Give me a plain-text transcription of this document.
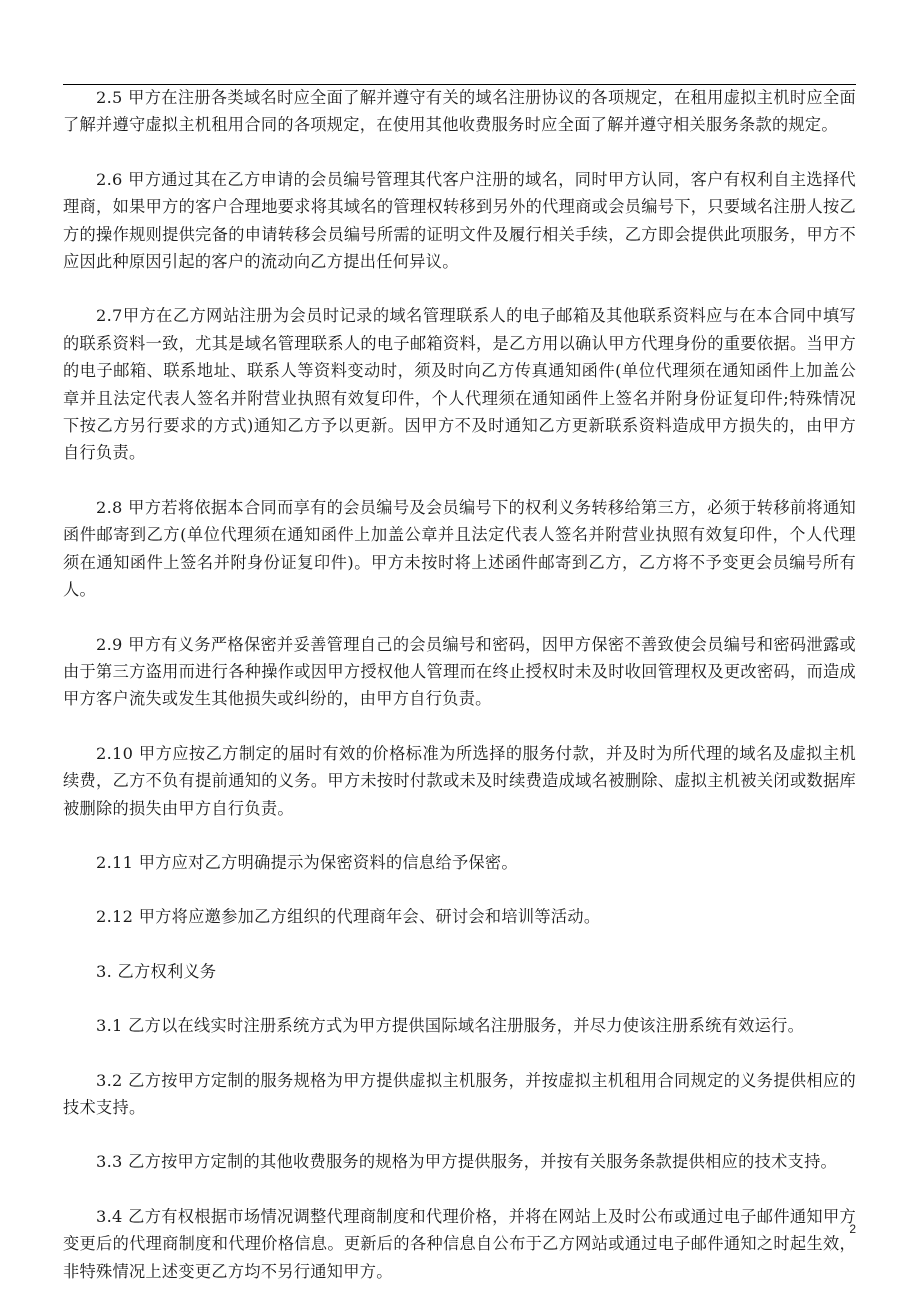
2.5 甲方在注册各类域名时应全面了解并遵守有关的域名注册协议的各项规定，在租用虚拟主机时应全面了解并遵守虚拟主机租用合同的各项规定，在使用其他收费服务时应全面了解并遵守相关服务条款的规定。

2.6 甲方通过其在乙方申请的会员编号管理其代客户注册的域名，同时甲方认同，客户有权利自主选择代理商，如果甲方的客户合理地要求将其域名的管理权转移到另外的代理商或会员编号下，只要域名注册人按乙方的操作规则提供完备的申请转移会员编号所需的证明文件及履行相关手续，乙方即会提供此项服务，甲方不应因此种原因引起的客户的流动向乙方提出任何异议。

2.7甲方在乙方网站注册为会员时记录的域名管理联系人的电子邮箱及其他联系资料应与在本合同中填写的联系资料一致，尤其是域名管理联系人的电子邮箱资料，是乙方用以确认甲方代理身份的重要依据。当甲方的电子邮箱、联系地址、联系人等资料变动时，须及时向乙方传真通知函件(单位代理须在通知函件上加盖公章并且法定代表人签名并附营业执照有效复印件，个人代理须在通知函件上签名并附身份证复印件;特殊情况下按乙方另行要求的方式)通知乙方予以更新。因甲方不及时通知乙方更新联系资料造成甲方损失的，由甲方自行负责。

2.8 甲方若将依据本合同而享有的会员编号及会员编号下的权利义务转移给第三方，必须于转移前将通知函件邮寄到乙方(单位代理须在通知函件上加盖公章并且法定代表人签名并附营业执照有效复印件，个人代理须在通知函件上签名并附身份证复印件)。甲方未按时将上述函件邮寄到乙方，乙方将不予变更会员编号所有人。

2.9 甲方有义务严格保密并妥善管理自己的会员编号和密码，因甲方保密不善致使会员编号和密码泄露或由于第三方盗用而进行各种操作或因甲方授权他人管理而在终止授权时未及时收回管理权及更改密码，而造成甲方客户流失或发生其他损失或纠纷的，由甲方自行负责。

2.10 甲方应按乙方制定的届时有效的价格标准为所选择的服务付款，并及时为所代理的域名及虚拟主机续费，乙方不负有提前通知的义务。甲方未按时付款或未及时续费造成域名被删除、虚拟主机被关闭或数据库被删除的损失由甲方自行负责。

2.11 甲方应对乙方明确提示为保密资料的信息给予保密。

2.12 甲方将应邀参加乙方组织的代理商年会、研讨会和培训等活动。

3. 乙方权利义务

3.1 乙方以在线实时注册系统方式为甲方提供国际域名注册服务，并尽力使该注册系统有效运行。

3.2 乙方按甲方定制的服务规格为甲方提供虚拟主机服务，并按虚拟主机租用合同规定的义务提供相应的技术支持。

3.3 乙方按甲方定制的其他收费服务的规格为甲方提供服务，并按有关服务条款提供相应的技术支持。

3.4 乙方有权根据市场情况调整代理商制度和代理价格，并将在网站上及时公布或通过电子邮件通知甲方变更后的代理商制度和代理价格信息。更新后的各种信息自公布于乙方网站或通过电子邮件通知之时起生效，非特殊情况上述变更乙方均不另行通知甲方。

2
